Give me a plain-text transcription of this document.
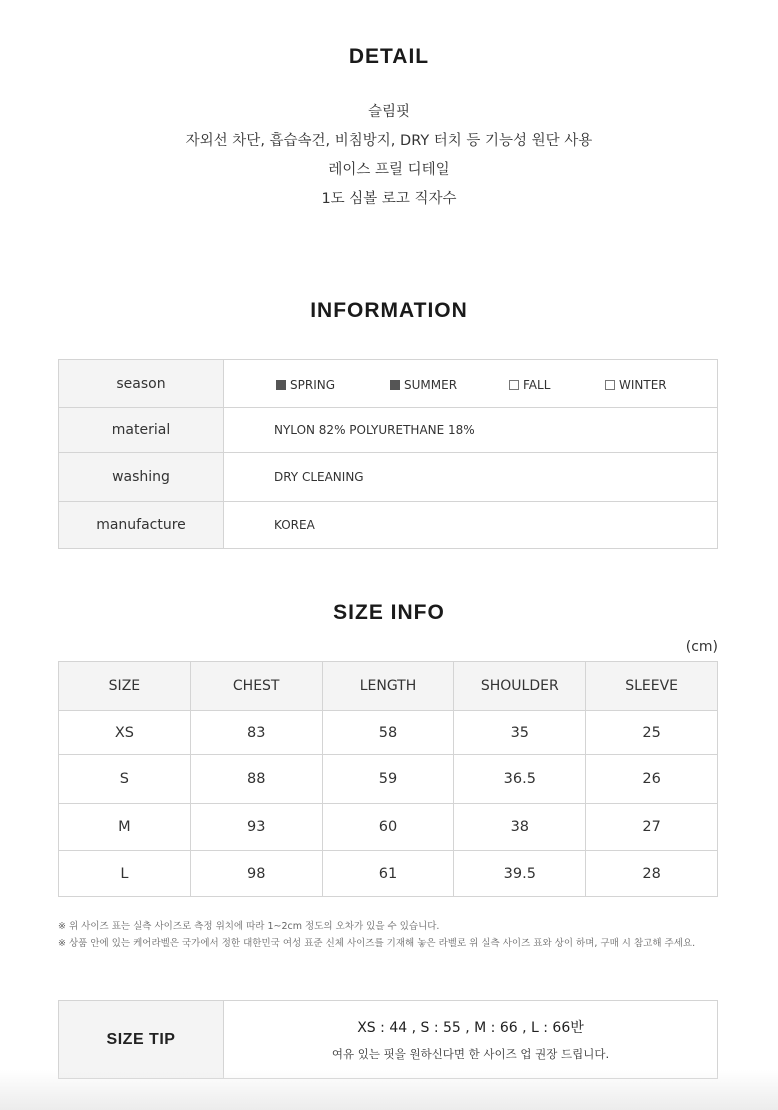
DETAIL
슬림핏
자외선 차단, 흡습속건, 비침방지, DRY 터치 등 기능성 원단 사용
레이스 프릴 디테일
1도 심볼 로고 직자수
INFORMATION
season	SPRING SUMMER FALL WINTER

material	NYLON 82% POLYURETHANE 18%
washing	DRY CLEANING
manufacture	KOREA
SIZE INFO
(cm)
SIZE	CHEST	LENGTH	SHOULDER	SLEEVE
XS	83	58	35	25
S	88	59	36.5	26
M	93	60	38	27
L	98	61	39.5	28
※ 위 사이즈 표는 실측 사이즈로 측정 위치에 따라 1~2cm 정도의 오차가 있을 수 있습니다.
※ 상품 안에 있는 케어라벨은 국가에서 정한 대한민국 여성 표준 신체 사이즈를 기재해 놓은 라벨로 위 실측 사이즈 표와 상이 하며, 구매 시 참고해 주세요.
SIZE TIP	
XS : 44 , S : 55 , M : 66 , L : 66반
여유 있는 핏을 원하신다면 한 사이즈 업 권장 드립니다.
